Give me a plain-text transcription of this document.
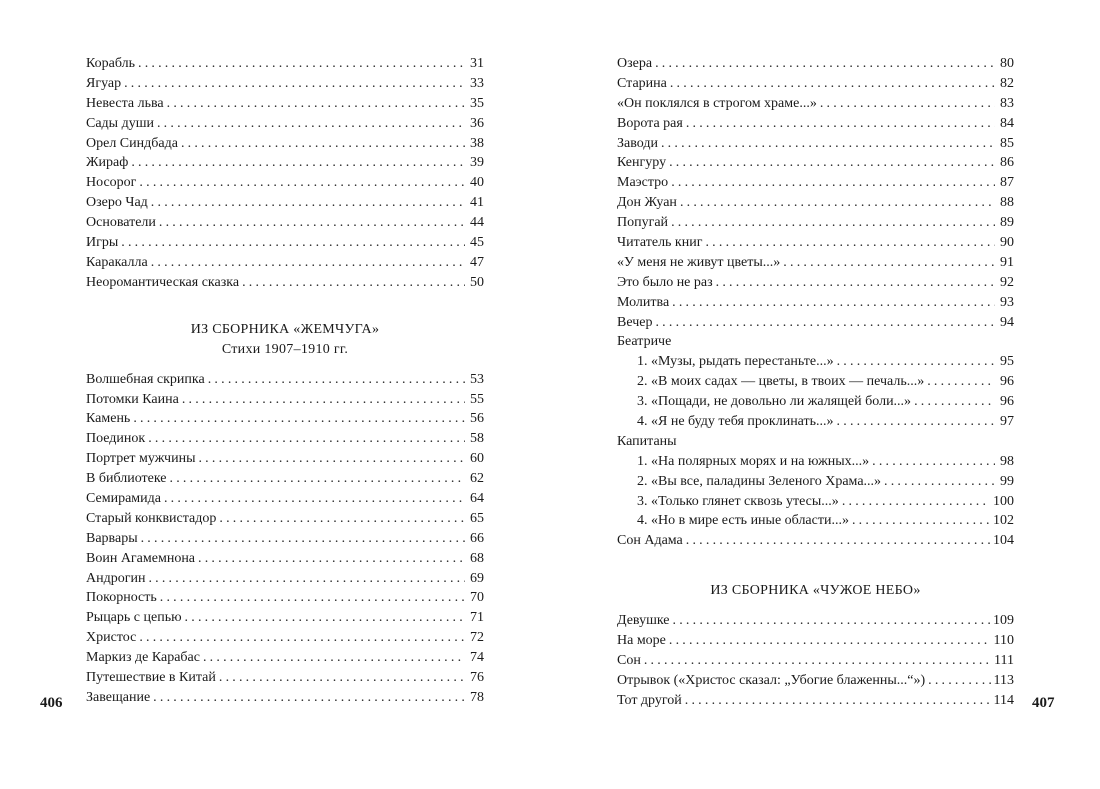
Корабль .....	31
Ягуар .....	33
Невеста льва .....	35
Сады души .....	36
Орел Синдбада .....	38
Жираф .....	39
Носорог .....	40
Озеро Чад .....	41
Основатели .....	44
Игры .....	45
Каракалла .....	47
Неоромантическая сказка .....	50
ИЗ СБОРНИКА «ЖЕМЧУГА»
Стихи 1907–1910 гг.
Волшебная скрипка .....	53
Потомки Каина .....	55
Камень .....	56
Поединок .....	58
Портрет мужчины .....	60
В библиотеке .....	62
Семирамида .....	64
Старый конквистадор .....	65
Варвары .....	66
Воин Агамемнона .....	68
Андрогин .....	69
Покорность .....	70
Рыцарь с цепью .....	71
Христос .....	72
Маркиз де Карабас .....	74
Путешествие в Китай .....	76
Завещание .....	78
Озера .....	80
Старина .....	82
«Он поклялся в строгом храме...» .....	83
Ворота рая .....	84
Заводи .....	85
Кенгуру .....	86
Маэстро .....	87
Дон Жуан .....	88
Попугай .....	89
Читатель книг .....	90
«У меня не живут цветы...» .....	91
Это было не раз .....	92
Молитва .....	93
Вечер .....	94
Беатриче
1. «Музы, рыдать перестаньте...» .....	95
2. «В моих садах — цветы, в твоих — печаль...» .....	96
3. «Пощади, не довольно ли жалящей боли...» .....	96
4. «Я не буду тебя проклинать...» .....	97
Капитаны
1. «На полярных морях и на южных...» .....	98
2. «Вы все, паладины Зеленого Храма...» .....	99
3. «Только глянет сквозь утесы...» .....	100
4. «Но в мире есть иные области...» .....	102
Сон Адама .....	104
ИЗ СБОРНИКА «ЧУЖОЕ НЕБО»
Девушке .....	109
На море .....	110
Сон .....	111
Отрывок («Христос сказал: „Убогие блаженны...“») .....	113
Тот другой .....	114
406	407
